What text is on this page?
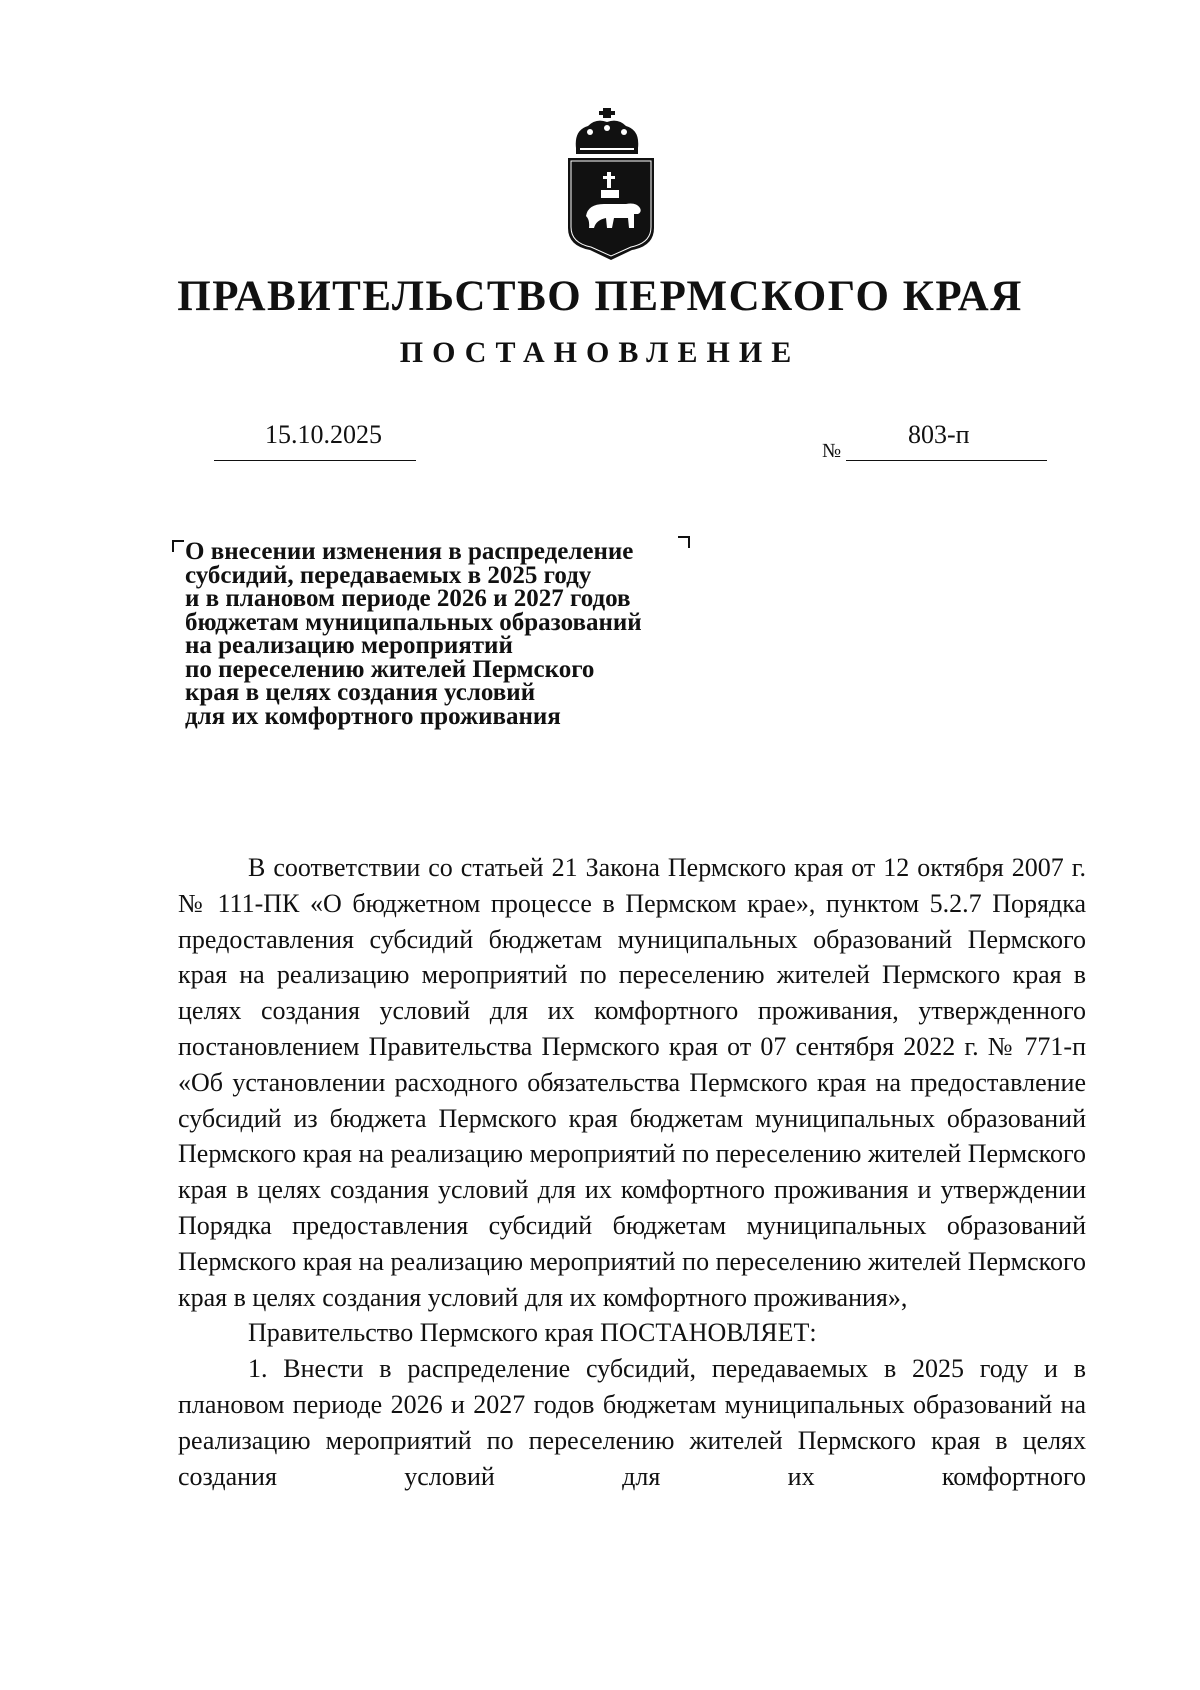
ПРАВИТЕЛЬСТВО ПЕРМСКОГО КРАЯ
ПОСТАНОВЛЕНИЕ
15.10.2025
№
803-п
О внесении изменения в распределение
субсидий, передаваемых в 2025 году
и в плановом периоде 2026 и 2027 годов
бюджетам муниципальных образований
на реализацию мероприятий
по переселению жителей Пермского
края в целях создания условий
для их комфортного проживания

В соответствии со статьей 21 Закона Пермского края от 12 октября 2007 г. № 111-ПК «О бюджетном процессе в Пермском крае», пунктом 5.2.7 Порядка предоставления субсидий бюджетам муниципальных образований Пермского края на реализацию мероприятий по переселению жителей Пермского края в целях создания условий для их комфортного проживания, утвержденного постановлением Правительства Пермского края от 07 сентября 2022 г. № 771-п «Об установлении расходного обязательства Пермского края на предоставление субсидий из бюджета Пермского края бюджетам муниципальных образований Пермского края на реализацию мероприятий по переселению жителей Пермского края в целях создания условий для их комфортного проживания и утверждении Порядка предоставления субсидий бюджетам муниципальных образований Пермского края на реализацию мероприятий по переселению жителей Пермского края в целях создания условий для их комфортного проживания»,

Правительство Пермского края ПОСТАНОВЛЯЕТ:

1. Внести в распределение субсидий, передаваемых в 2025 году и в плановом периоде 2026 и 2027 годов бюджетам муниципальных образований на реализацию мероприятий по переселению жителей Пермского края в целях создания условий для их комфортного
